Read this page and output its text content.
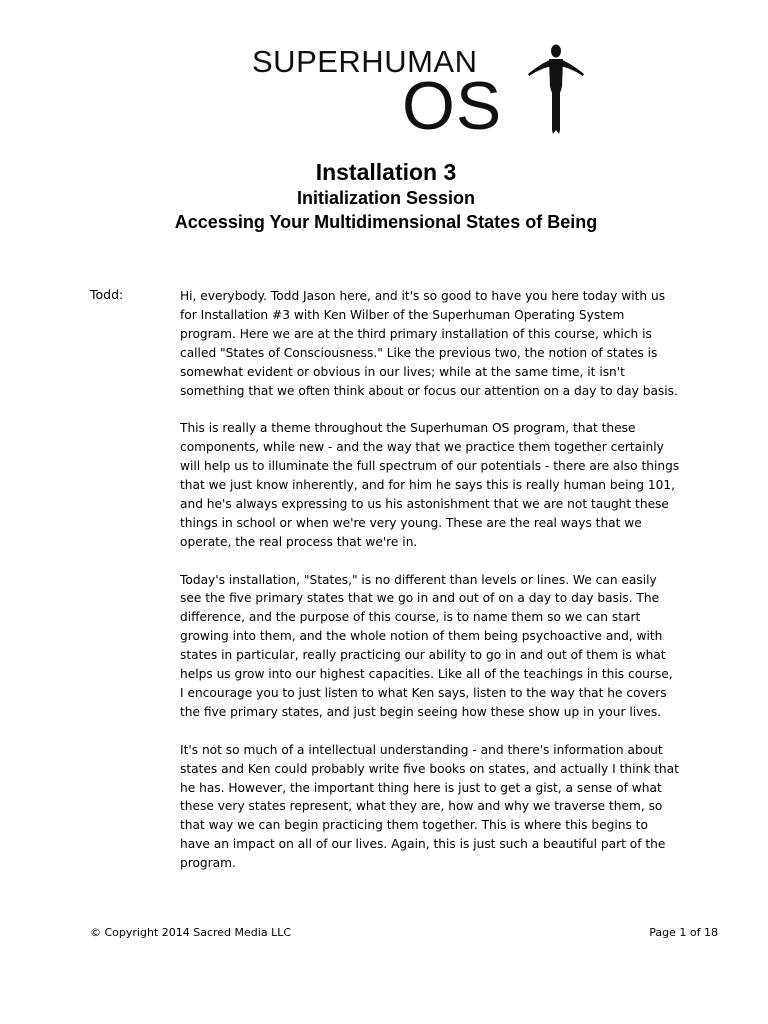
SUPERHUMAN
OS
Installation 3
Initialization Session
Accessing Your Multidimensional States of Being
Todd:	Hi, everybody. Todd Jason here, and it's so good to have you here today with us for Installation #3 with Ken Wilber of the Superhuman Operating System program. Here we are at the third primary installation of this course, which is called "States of Consciousness." Like the previous two, the notion of states is somewhat evident or obvious in our lives; while at the same time, it isn't something that we often think about or focus our attention on a day to day basis.

This is really a theme throughout the Superhuman OS program, that these components, while new - and the way that we practice them together certainly will help us to illuminate the full spectrum of our potentials - there are also things that we just know inherently, and for him he says this is really human being 101, and he's always expressing to us his astonishment that we are not taught these things in school or when we're very young. These are the real ways that we operate, the real process that we're in.

Today's installation, "States," is no different than levels or lines. We can easily see the five primary states that we go in and out of on a day to day basis. The difference, and the purpose of this course, is to name them so we can start growing into them, and the whole notion of them being psychoactive and, with states in particular, really practicing our ability to go in and out of them is what helps us grow into our highest capacities. Like all of the teachings in this course, I encourage you to just listen to what Ken says, listen to the way that he covers the five primary states, and just begin seeing how these show up in your lives.

It's not so much of a intellectual understanding - and there's information about states and Ken could probably write five books on states, and actually I think that he has. However, the important thing here is just to get a gist, a sense of what these very states represent, what they are, how and why we traverse them, so that way we can begin practicing them together. This is where this begins to have an impact on all of our lives. Again, this is just such a beautiful part of the program.

© Copyright 2014 Sacred Media LLC	Page 1 of 18
